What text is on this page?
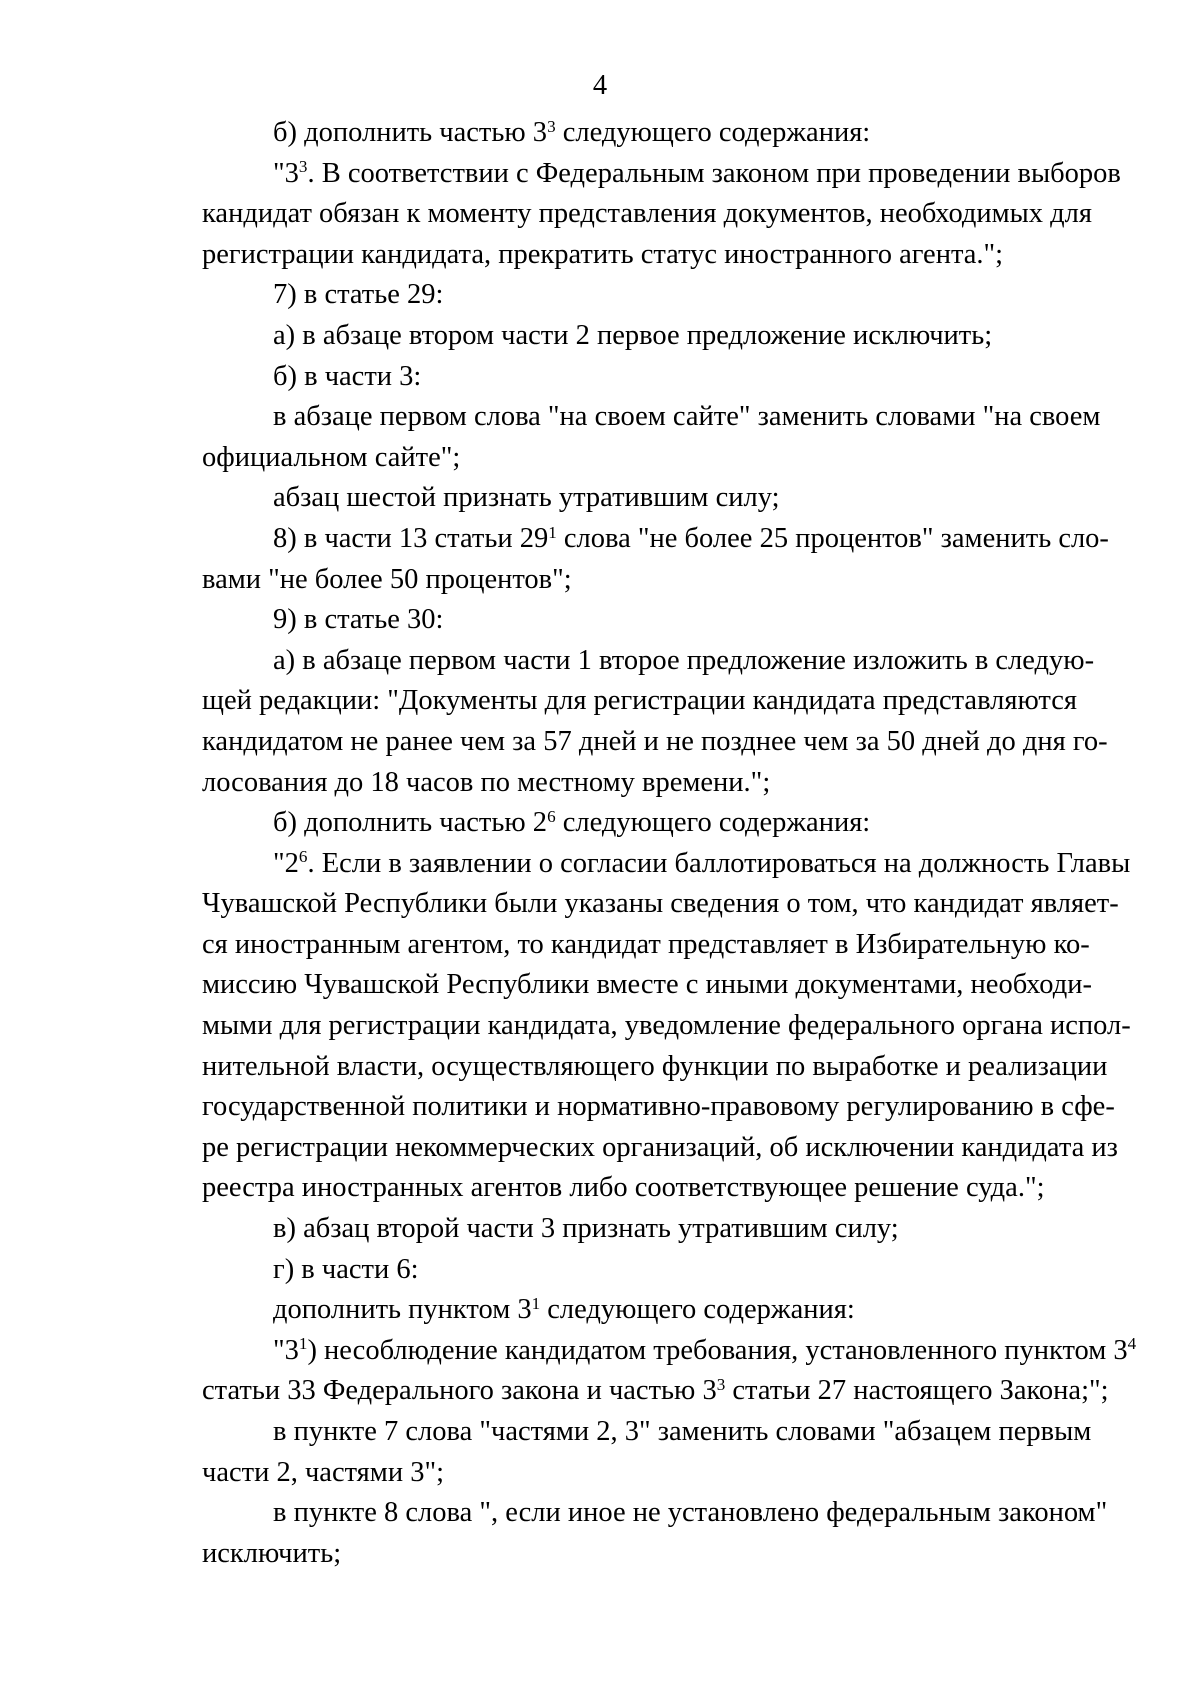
4

б) дополнить частью $3^3$ следующего содержания:

"$3^3$. В соответствии с Федеральным законом при проведении выборов

кандидат обязан к моменту представления документов, необходимых для

регистрации кандидата, прекратить статус иностранного агента.";

7) в статье 29:

а) в абзаце втором части 2 первое предложение исключить;

б) в части 3:

в абзаце первом слова "на своем сайте" заменить словами "на своем

официальном сайте";

абзац шестой признать утратившим силу;

8) в части 13 статьи $29^1$ слова "не более 25 процентов" заменить сло-

вами "не более 50 процентов";

9) в статье 30:

а) в абзаце первом части 1 второе предложение изложить в следую-

щей редакции: "Документы для регистрации кандидата представляются

кандидатом не ранее чем за 57 дней и не позднее чем за 50 дней до дня го-

лосования до 18 часов по местному времени.";

б) дополнить частью $2^6$ следующего содержания:

"$2^6$. Если в заявлении о согласии баллотироваться на должность Главы

Чувашской Республики были указаны сведения о том, что кандидат являет-

ся иностранным агентом, то кандидат представляет в Избирательную ко-

миссию Чувашской Республики вместе с иными документами, необходи-

мыми для регистрации кандидата, уведомление федерального органа испол-

нительной власти, осуществляющего функции по выработке и реализации

государственной политики и нормативно-правовому регулированию в сфе-

ре регистрации некоммерческих организаций, об исключении кандидата из

реестра иностранных агентов либо соответствующее решение суда.";

в) абзац второй части 3 признать утратившим силу;

г) в части 6:

дополнить пунктом $3^1$ следующего содержания:

"$3^1$) несоблюдение кандидатом требования, установленного пунктом $3^4$

статьи 33 Федерального закона и частью $3^3$ статьи 27 настоящего Закона;";

в пункте 7 слова "частями 2, 3" заменить словами "абзацем первым

части 2, частями 3";

в пункте 8 слова ", если иное не установлено федеральным законом"

исключить;
